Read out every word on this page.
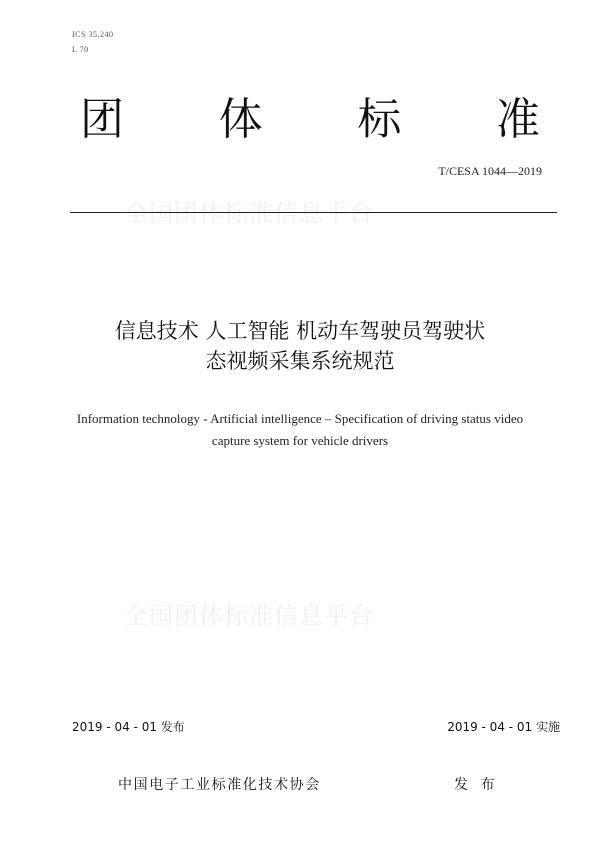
ICS 35.240
L 70
团 体 标 准
T/CESA 1044—2019
全国团体标准信息平台
信息技术 人工智能 机动车驾驶员驾驶状
态视频采集系统规范
Information technology - Artificial intelligence – Specification of driving status video
capture system for vehicle drivers
全国团体标准信息平台
2019 - 04 - 01 发布	2019 - 04 - 01 实施
中国电子工业标准化技术协会	发 布
